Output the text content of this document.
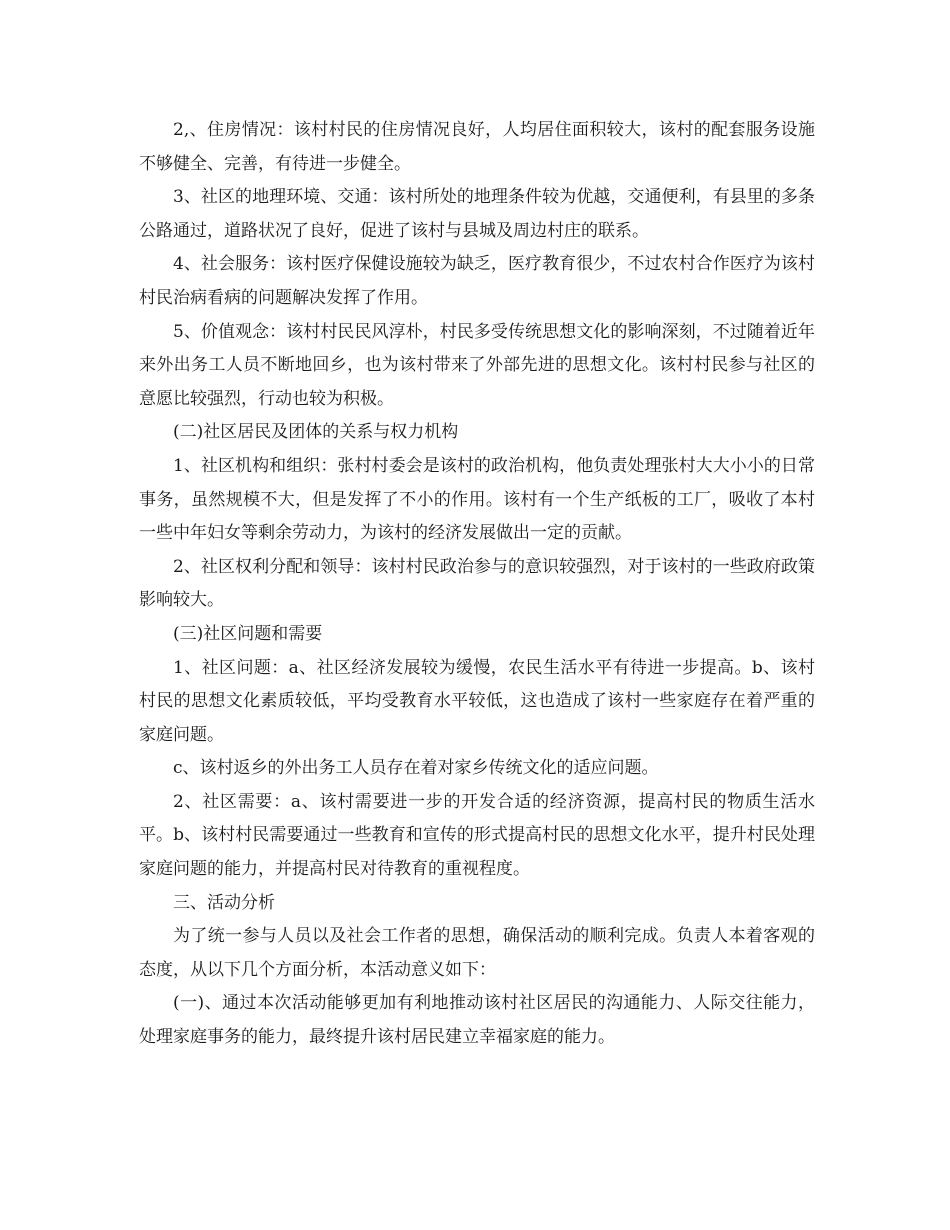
2,、住房情况：该村村民的住房情况良好，人均居住面积较大，该村的配套服务设施不够健全、完善，有待进一步健全。

3、社区的地理环境、交通：该村所处的地理条件较为优越，交通便利，有县里的多条公路通过，道路状况了良好，促进了该村与县城及周边村庄的联系。

4、社会服务：该村医疗保健设施较为缺乏，医疗教育很少，不过农村合作医疗为该村村民治病看病的问题解决发挥了作用。

5、价值观念：该村村民民风淳朴，村民多受传统思想文化的影响深刻，不过随着近年来外出务工人员不断地回乡，也为该村带来了外部先进的思想文化。该村村民参与社区的意愿比较强烈，行动也较为积极。

(二)社区居民及团体的关系与权力机构

1、社区机构和组织：张村村委会是该村的政治机构，他负责处理张村大大小小的日常事务，虽然规模不大，但是发挥了不小的作用。该村有一个生产纸板的工厂，吸收了本村一些中年妇女等剩余劳动力，为该村的经济发展做出一定的贡献。

2、社区权利分配和领导：该村村民政治参与的意识较强烈，对于该村的一些政府政策影响较大。

(三)社区问题和需要

1、社区问题：a、社区经济发展较为缓慢，农民生活水平有待进一步提高。b、该村村民的思想文化素质较低，平均受教育水平较低，这也造成了该村一些家庭存在着严重的家庭问题。

c、该村返乡的外出务工人员存在着对家乡传统文化的适应问题。

2、社区需要：a、该村需要进一步的开发合适的经济资源，提高村民的物质生活水平。b、该村村民需要通过一些教育和宣传的形式提高村民的思想文化水平，提升村民处理家庭问题的能力，并提高村民对待教育的重视程度。

三、活动分析

为了统一参与人员以及社会工作者的思想，确保活动的顺利完成。负责人本着客观的态度，从以下几个方面分析，本活动意义如下：

(一)、通过本次活动能够更加有利地推动该村社区居民的沟通能力、人际交往能力，处理家庭事务的能力，最终提升该村居民建立幸福家庭的能力。
